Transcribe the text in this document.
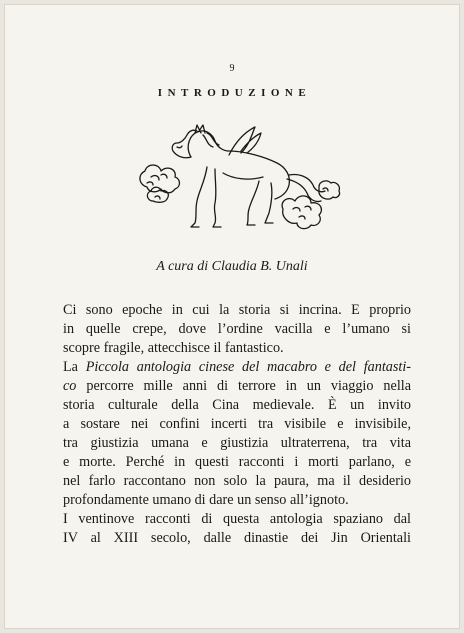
9
INTRODUZIONE
A cura di Claudia B. Unali

Ci sono epoche in cui la storia si incrina. E proprio
in quelle crepe, dove l’ordine vacilla e l’umano si
scopre fragile, attecchisce il fantastico.

La Piccola antologia cinese del macabro e del fantasti-
co percorre mille anni di terrore in un viaggio nella
storia culturale della Cina medievale. È un invito
a sostare nei confini incerti tra visibile e invisibile,
tra giustizia umana e giustizia ultraterrena, tra vita
e morte. Perché in questi racconti i morti parlano, e
nel farlo raccontano non solo la paura, ma il desiderio
profondamente umano di dare un senso all’ignoto.

I ventinove racconti di questa antologia spaziano dal
IV al XIII secolo, dalle dinastie dei Jin Orientali
